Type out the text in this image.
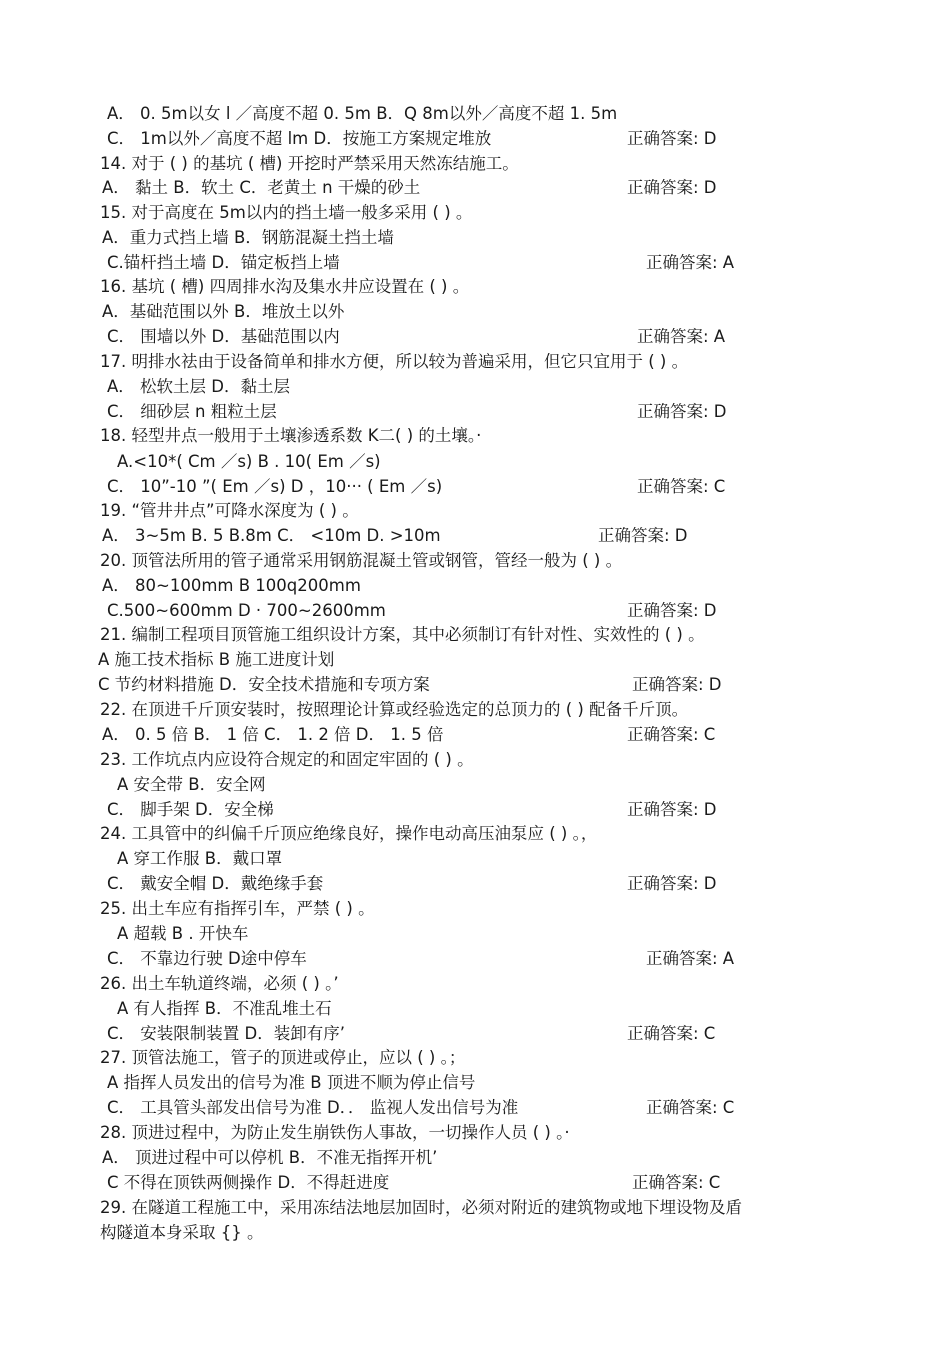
A． 0. 5m以女 l ／高度不超 0. 5m B．Q 8m以外／高度不超 1. 5m
C． 1m以外／高度不超 lm D．按施工方案规定堆放
14. 对于 ( ) 的基坑 ( 槽) 开挖时严禁采用天然冻结施工。
A． 黏土 B．软土 C．老黄土 n 干燥的砂土
15. 对于高度在 5m以内的挡土墙一般多采用 ( ) 。
A．重力式挡上墙 B．钢筋混凝土挡土墙
C.锚杆挡土墙 D．锚定板挡上墙
16. 基坑 ( 槽) 四周排水沟及集水井应设置在 ( ) 。
A．基础范围以外 B．堆放土以外
C． 围墙以外 D．基础范围以内
17. 明排水祛由于设备简单和排水方便，所以较为普遍采用，但它只宜用于 ( ) 。
A． 松软土层 D．黏土层
C． 细砂层 n 粗粒土层
18. 轻型井点一般用于土壤渗透系数 K二( ) 的土壤。·
A.<10*( Cm ／s) B . 10( Em ／s)
C． 10”-10 ”( Em ／s) D ，10··· ( Em ／s)
19. “管井井点”可降水深度为 ( ) 。
A． 3~5m B. 5 B.8m C． <10m D. >10m
20. 顶管法所用的管子通常采用钢筋混凝土管或钢管，管经一般为 ( ) 。
A． 80~100mm B 100q200mm
C.500~600mm D · 700~2600mm
21. 编制工程项目顶管施工组织设计方案，其中必须制订有针对性、实效性的 ( ) 。
A 施工技术指标 B 施工进度计划
C 节约材料措施 D．安全技术措施和专项方案
22. 在顶进千斤顶安装时，按照理论计算或经验选定的总顶力的 ( ) 配备千斤顶。
A． 0. 5 倍 B． 1 倍 C． 1. 2 倍 D． 1. 5 倍
23. 工作坑点内应设符合规定的和固定牢固的 ( ) 。
A 安全带 B．安全网
C． 脚手架 D．安全梯
24. 工具管中的纠偏千斤顶应绝缘良好，操作电动高压油泵应 ( ) 。，
A 穿工作服 B．戴口罩
C． 戴安全帽 D．戴绝缘手套
25. 出土车应有指挥引车，严禁 ( ) 。
A 超载 B . 开快车
C． 不靠边行驶 D途中停车
26. 出土车轨道终端，必须 ( ) 。’
A 有人指挥 B．不准乱堆土石
C． 安装限制装置 D．装卸有序’
27. 顶管法施工，管子的顶进或停止，应以 ( ) 。；
A 指挥人员发出的信号为准 B 顶进不顺为停止信号
C． 工具管头部发出信号为准 D．． 监视人发出信号为准
28. 顶进过程中，为防止发生崩铁伤人事故，一切操作人员 ( ) 。·
A． 顶进过程中可以停机 B．不准无指挥开机’
C 不得在顶铁两侧操作 D．不得赶进度
29. 在隧道工程施工中，采用冻结法地层加固时，必须对附近的建筑物或地下埋设物及盾
构隧道本身采取 {} 。
正确答案: D
正确答案: D
正确答案: A
正确答案: A
正确答案: D
正确答案: C
正确答案: D
正确答案: D
正确答案: D
正确答案: C
正确答案: D
正确答案: D
正确答案: A
正确答案: C
正确答案: C
正确答案: C
